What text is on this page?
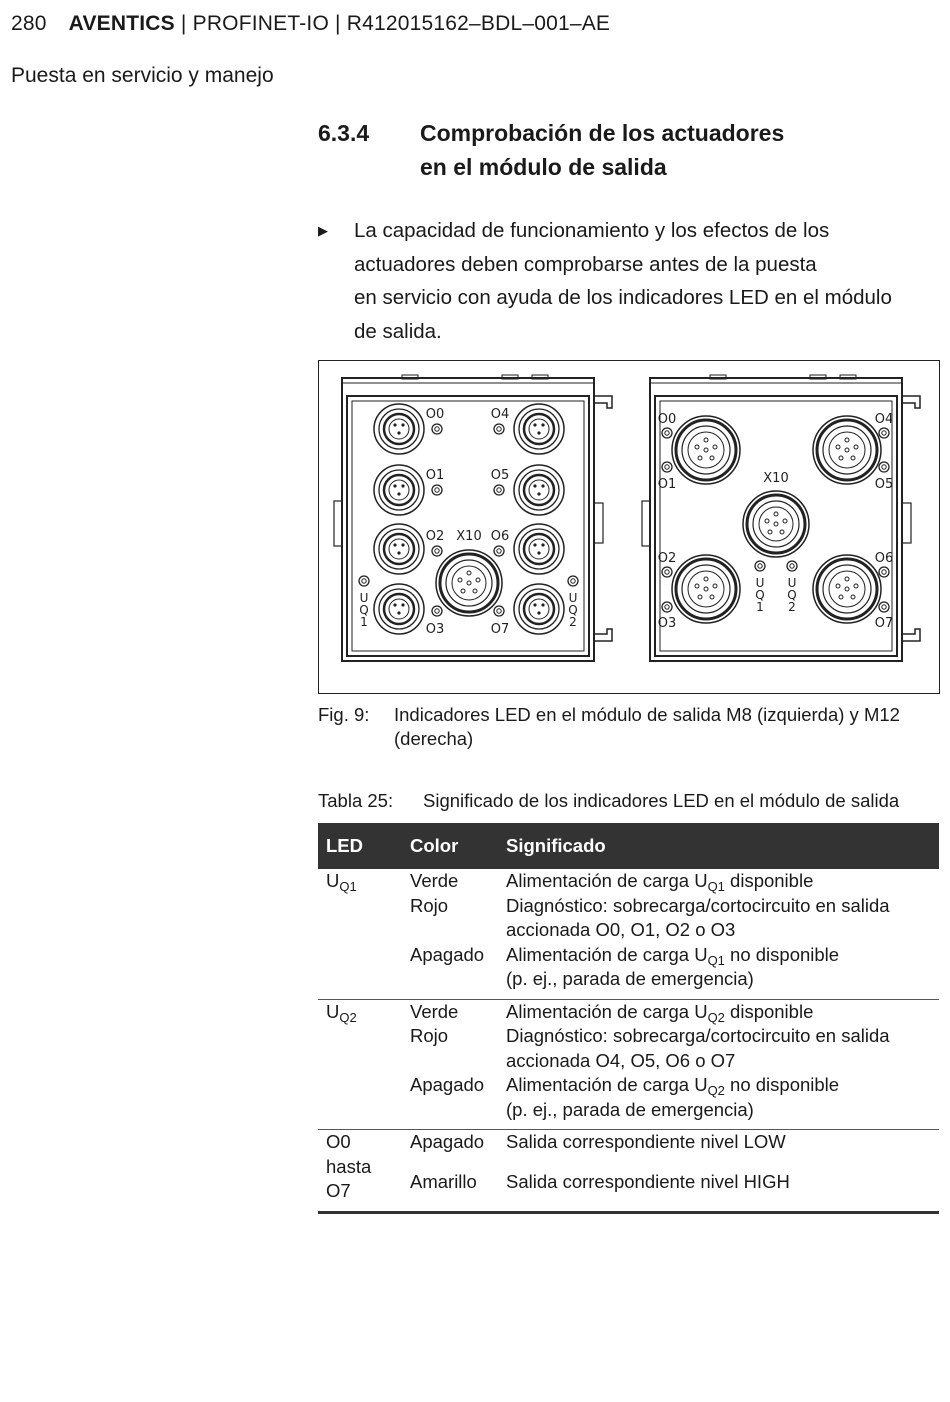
280 AVENTICS | PROFINET-IO | R412015162–BDL–001–AE
Puesta en servicio y manejo
6.3.4	Comprobación de los actuadores
en el módulo de salida
▶ La capacidad de funcionamiento y los efectos de los
actuadores deben comprobarse antes de la puesta
en servicio con ayuda de los indicadores LED en el módulo
de salida.
O0	O4
O1	O5
O2	O6
O3	O7
X10
U
Q
1
U
Q
2
X10
O0
O1
O2
O3
O4
O5
O6
O7
U
Q
1
U
Q
2
Fig. 9: Indicadores LED en el módulo de salida M8 (izquierda) y M12
(derecha)
Tabla 25: Significado de los indicadores LED en el módulo de salida
LED	Color	Significado
$U_{Q1}$	Verde	Alimentación de carga $U_{Q1}$ disponible
	Rojo	Diagnóstico: sobrecarga/cortocircuito en salida
accionada O0, O1, O2 o O3

	Apagado	Alimentación de carga $U_{Q1}$ no disponible
(p. ej., parada de emergencia)

$U_{Q2}$	Verde	Alimentación de carga $U_{Q2}$ disponible
	Rojo	Diagnóstico: sobrecarga/cortocircuito en salida
accionada O4, O5, O6 o O7

	Apagado	Alimentación de carga $U_{Q2}$ no disponible
(p. ej., parada de emergencia)

O0
hasta
O7	Apagado	Salida correspondiente nivel LOW
	Amarillo	Salida correspondiente nivel HIGH
